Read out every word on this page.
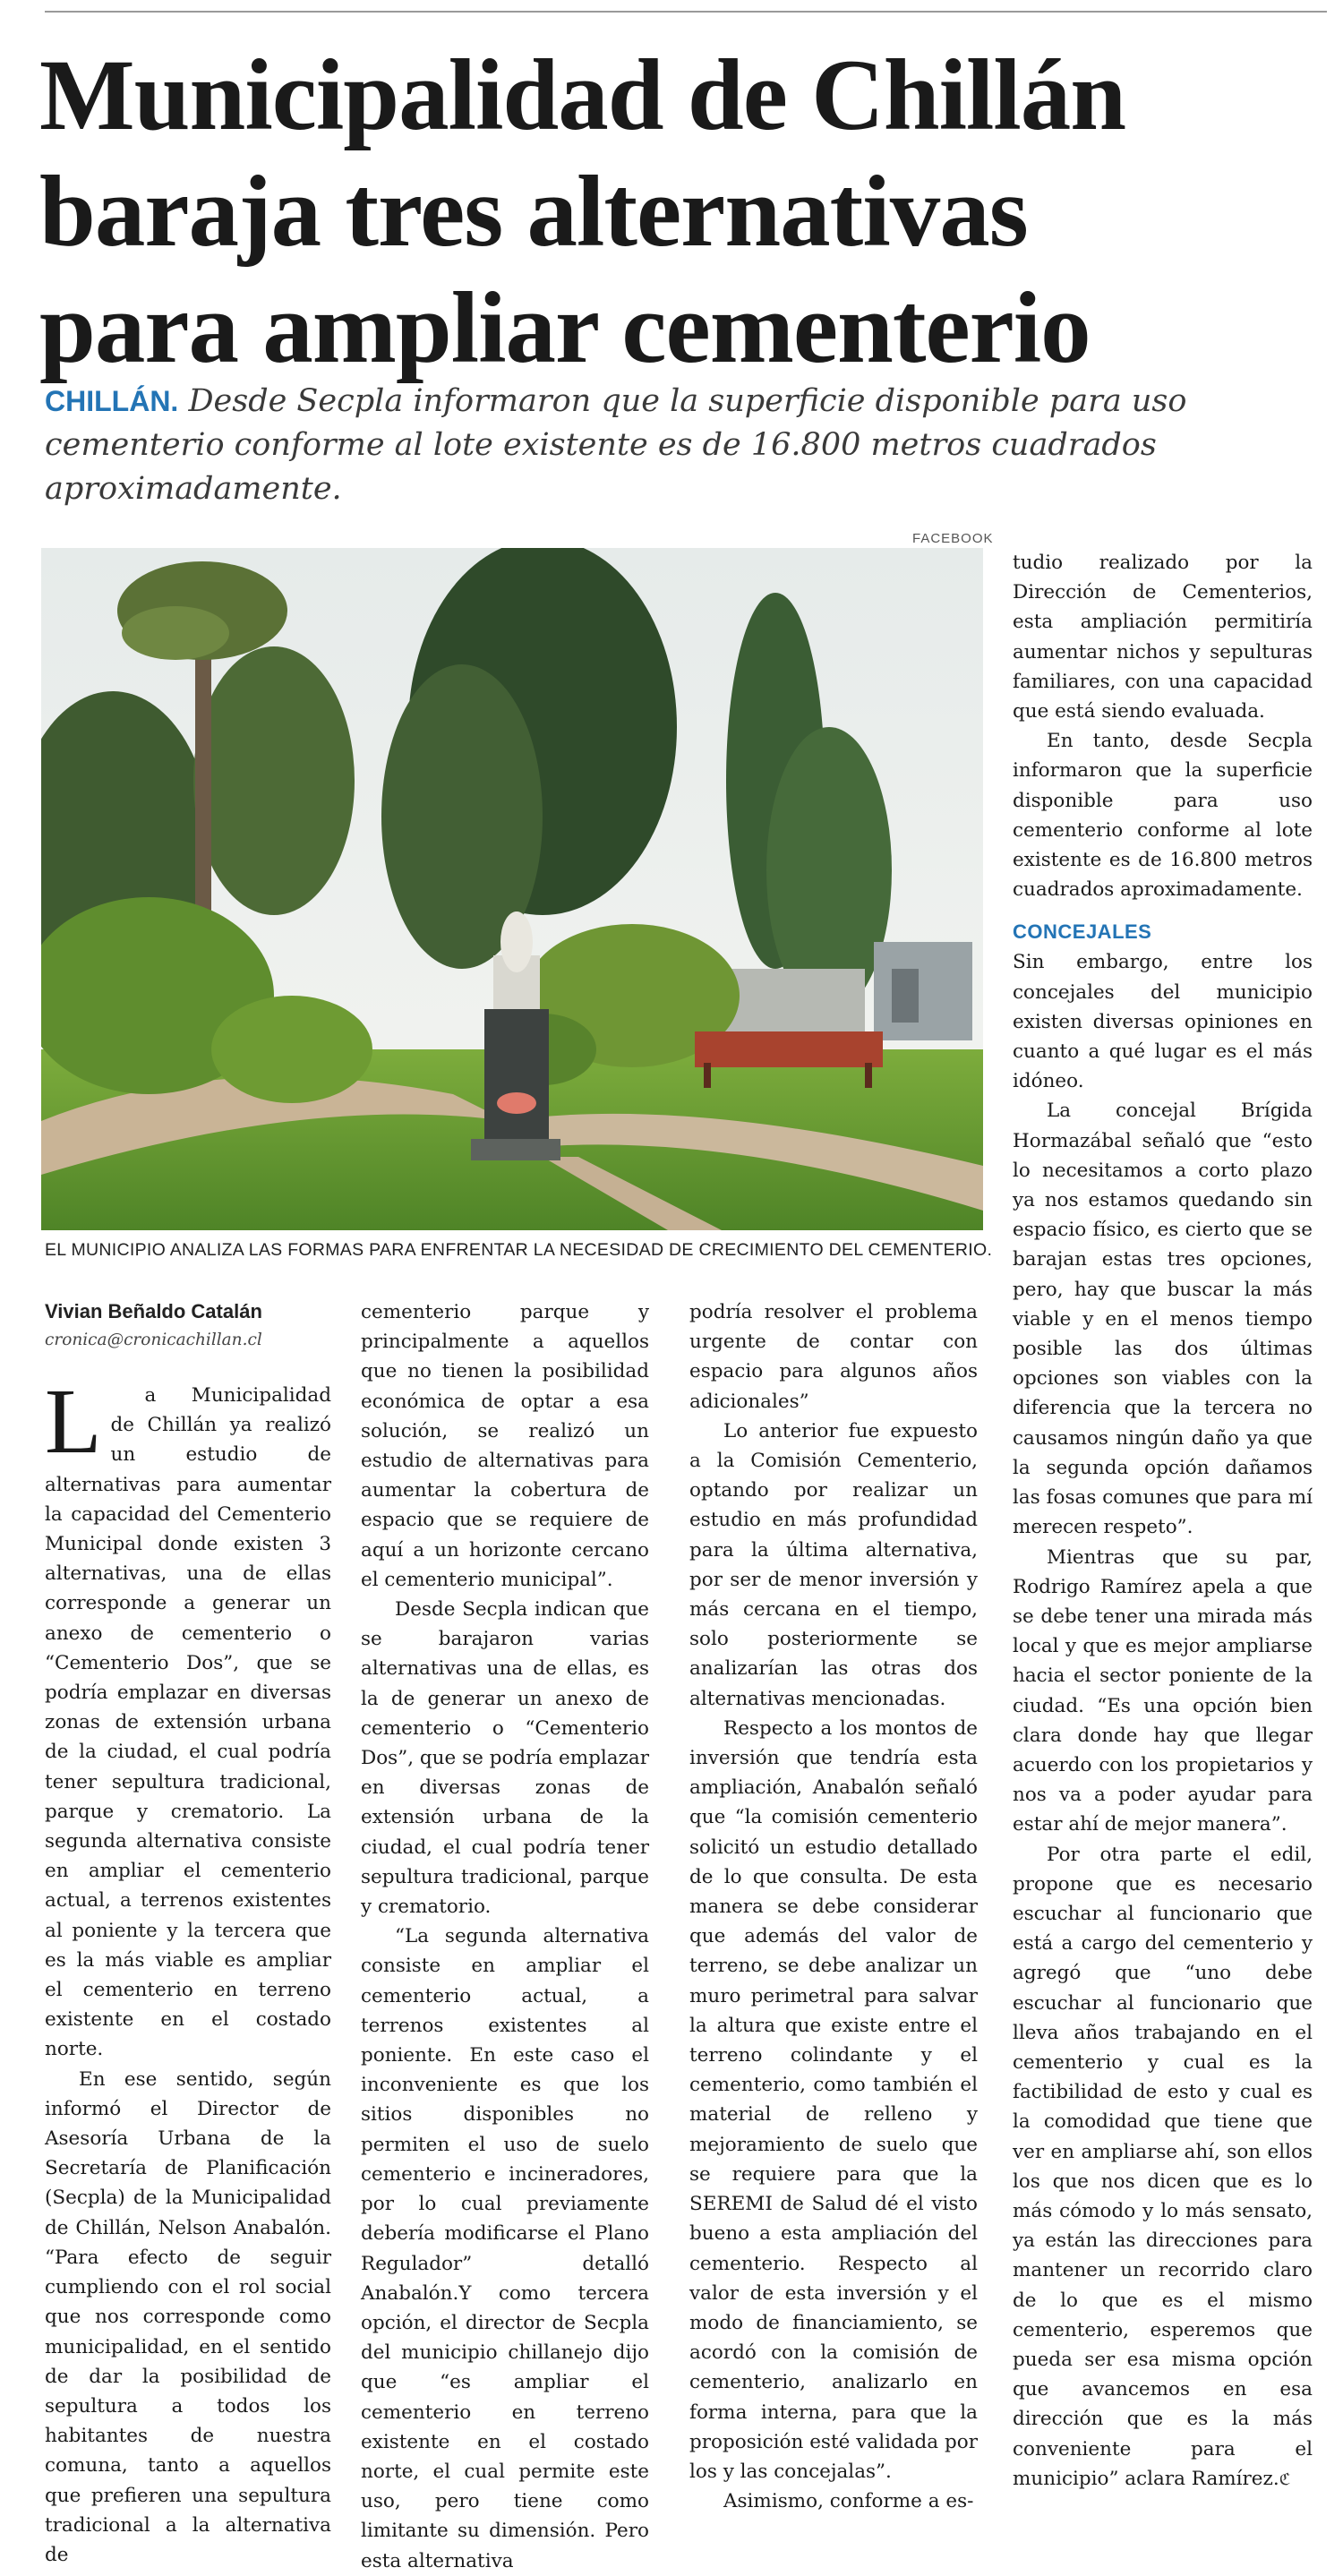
Municipalidad de Chillán
baraja tres alternativas
para ampliar cementerio
CHILLÁN. Desde Secpla informaron que la superficie disponible para uso cementerio conforme al lote existente es de 16.800 metros cuadrados aproximadamente.
FACEBOOK
EL MUNICIPIO ANALIZA LAS FORMAS PARA ENFRENTAR LA NECESIDAD DE CRECIMIENTO DEL CEMENTERIO.
Vivian Beñaldo Catalán
cronica@cronicachillan.cl

L	a Municipalidad de Chillán ya realizó un estudio de alternativas para aumentar la capacidad del Cementerio Municipal donde existen 3 alternativas, una de ellas corresponde a generar un anexo de cementerio o “Cementerio Dos”, que se podría emplazar en diversas zonas de extensión urbana de la ciudad, el cual podría tener sepultura tradicional, parque y crematorio. La segunda alternativa consiste en ampliar el cementerio actual, a terrenos existentes al poniente y la tercera que es la más viable es ampliar el cementerio en terreno existente en el costado norte.

En ese sentido, según informó el Director de Asesoría Urbana de la Secretaría de Planificación (Secpla) de la Municipalidad de Chillán, Nelson Anabalón. “Para efecto de seguir cumpliendo con el rol social que nos corresponde como municipalidad, en el sentido de dar la posibilidad de sepultura a todos los habitantes de nuestra comuna, tanto a aquellos que prefieren una sepultura tradicional a la alternativa de

cementerio parque y principalmente a aquellos que no tienen la posibilidad económica de optar a esa solución, se realizó un estudio de alternativas para aumentar la cobertura de espacio que se requiere de aquí a un horizonte cercano el cementerio municipal”.

Desde Secpla indican que se barajaron varias alternativas una de ellas, es la de generar un anexo de cementerio o “Cementerio Dos”, que se podría emplazar en diversas zonas de extensión urbana de la ciudad, el cual podría tener sepultura tradicional, parque y crematorio.

“La segunda alternativa consiste en ampliar el cementerio actual, a terrenos existentes al poniente. En este caso el inconveniente es que los sitios disponibles no permiten el uso de suelo cementerio e incineradores, por lo cual previamente debería modificarse el Plano Regulador” detalló Anabalón.Y como tercera opción, el director de Secpla del municipio chillanejo dijo que “es ampliar el cementerio en terreno existente en el costado norte, el cual permite este uso, pero tiene como limitante su dimensión. Pero esta alternativa

podría resolver el problema urgente de contar con espacio para algunos años adicionales”

Lo anterior fue expuesto a la Comisión Cementerio, optando por realizar un estudio en más profundidad para la última alternativa, por ser de menor inversión y más cercana en el tiempo, solo posteriormente se analizarían las otras dos alternativas mencionadas.

Respecto a los montos de inversión que tendría esta ampliación, Anabalón señaló que “la comisión cementerio solicitó un estudio detallado de lo que consulta. De esta manera se debe considerar que además del valor de terreno, se debe analizar un muro perimetral para salvar la altura que existe entre el terreno colindante y el cementerio, como también el material de relleno y mejoramiento de suelo que se requiere para que la SEREMI de Salud dé el visto bueno a esta ampliación del cementerio. Respecto al valor de esta inversión y el modo de financiamiento, se acordó con la comisión de cementerio, analizarlo en forma interna, para que la proposición esté validada por los y las concejalas”.

Asimismo, conforme a es-

tudio realizado por la Dirección de Cementerios, esta ampliación permitiría aumentar nichos y sepulturas familiares, con una capacidad que está siendo evaluada.

En tanto, desde Secpla informaron que la superficie disponible para uso cementerio conforme al lote existente es de 16.800 metros cuadrados aproximadamente.

CONCEJALES

Sin embargo, entre los concejales del municipio existen diversas opiniones en cuanto a qué lugar es el más idóneo.

La concejal Brígida Hormazábal señaló que “esto lo necesitamos a corto plazo ya nos estamos quedando sin espacio físico, es cierto que se barajan estas tres opciones, pero, hay que buscar la más viable y en el menos tiempo posible las dos últimas opciones son viables con la diferencia que la tercera no causamos ningún daño ya que la segunda opción dañamos las fosas comunes que para mí merecen respeto”.

Mientras que su par, Rodrigo Ramírez apela a que se debe tener una mirada más local y que es mejor ampliarse hacia el sector poniente de la ciudad. “Es una opción bien clara donde hay que llegar acuerdo con los propietarios y nos va a poder ayudar para estar ahí de mejor manera”.

Por otra parte el edil, propone que es necesario escuchar al funcionario que está a cargo del cementerio y agregó que “uno debe escuchar al funcionario que lleva años trabajando en el cementerio y cual es la factibilidad de esto y cual es la comodidad que tiene que ver en ampliarse ahí, son ellos los que nos dicen que es lo más cómodo y lo más sensato, ya están las direcciones para mantener un recorrido claro de lo que es el mismo cementerio, esperemos que pueda ser esa misma opción que avancemos en esa dirección que es la más conveniente para el municipio” aclara Ramírez.ℭ
